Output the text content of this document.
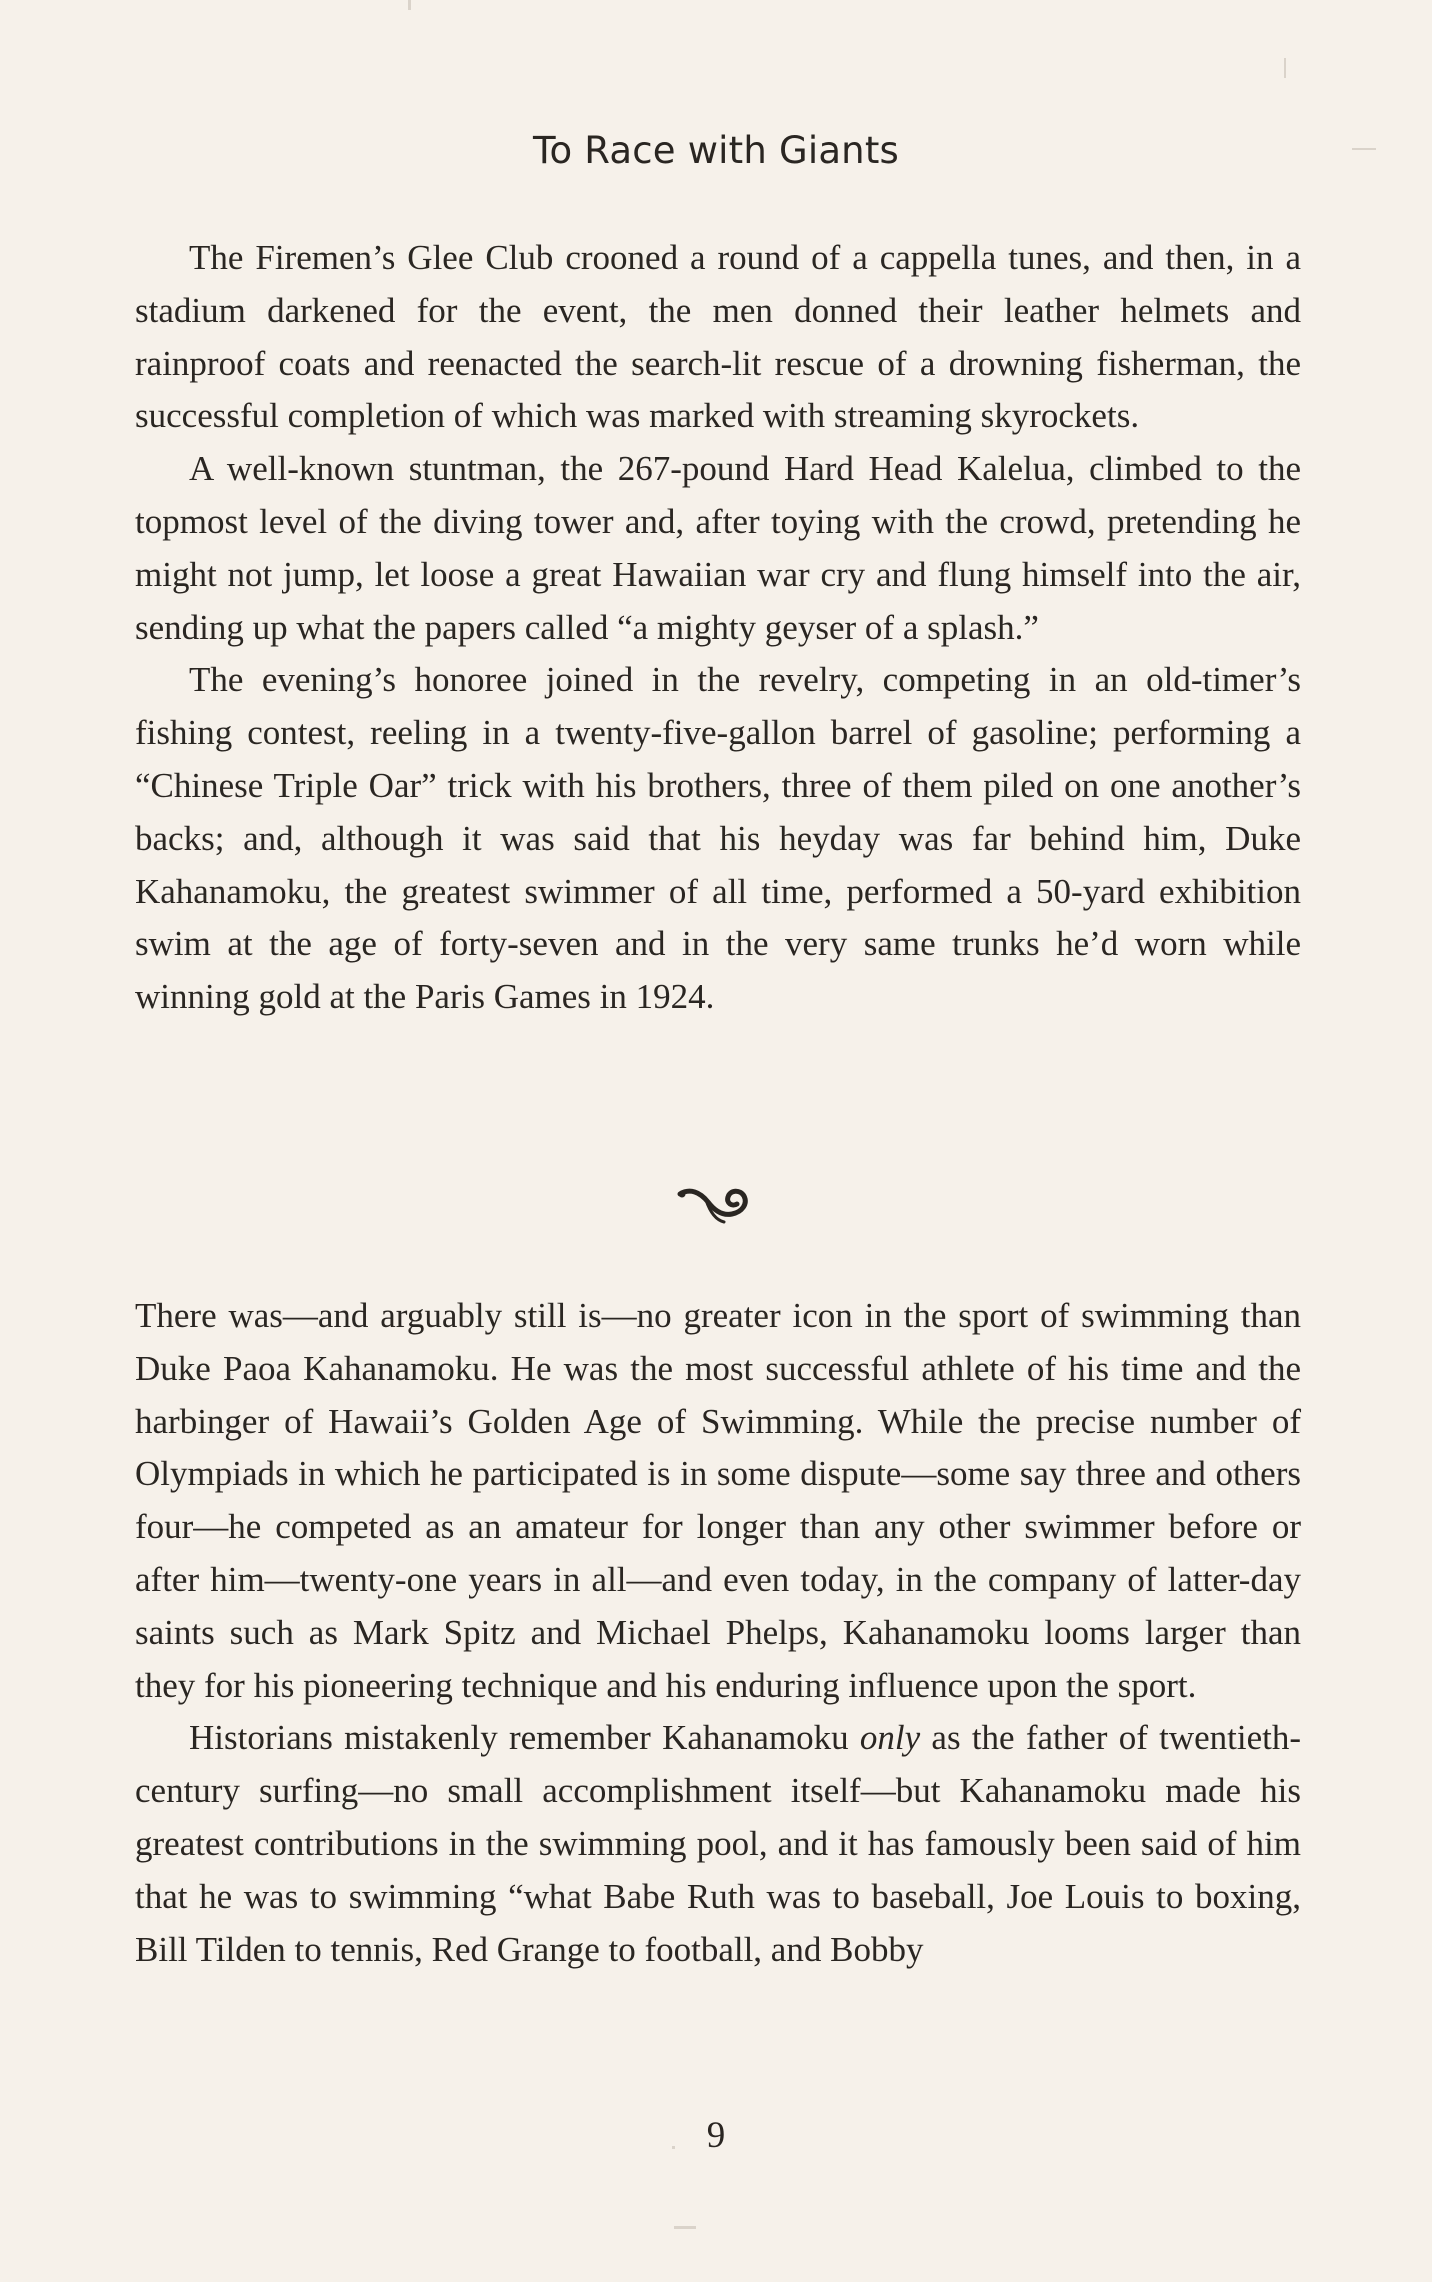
To Race with Giants

The Firemen’s Glee Club crooned a round of a cappella tunes, and then, in a stadium darkened for the event, the men donned their leather helmets and rainproof coats and reenacted the search-lit rescue of a drowning fisherman, the successful completion of which was marked with streaming skyrockets.

A well-known stuntman, the 267-pound Hard Head Kalelua, climbed to the topmost level of the diving tower and, after toying with the crowd, pretending he might not jump, let loose a great Hawaiian war cry and flung himself into the air, sending up what the papers called “a mighty geyser of a splash.”

The evening’s honoree joined in the revelry, competing in an old-timer’s fishing contest, reeling in a twenty-five-gallon barrel of gasoline; performing a “Chinese Triple Oar” trick with his brothers, three of them piled on one another’s backs; and, although it was said that his heyday was far behind him, Duke Kahanamoku, the greatest swimmer of all time, performed a 50-yard exhibition swim at the age of forty-seven and in the very same trunks he’d worn while winning gold at the Paris Games in 1924.

There was—and arguably still is—no greater icon in the sport of swimming than Duke Paoa Kahanamoku. He was the most successful athlete of his time and the harbinger of Hawaii’s Golden Age of Swimming. While the precise number of Olympiads in which he participated is in some dispute—some say three and others four—he competed as an amateur for longer than any other swimmer before or after him—twenty-one years in all—and even today, in the company of latter-day saints such as Mark Spitz and Michael Phelps, Kahanamoku looms larger than they for his pioneering technique and his enduring influence upon the sport.

Historians mistakenly remember Kahanamoku only as the father of twentieth-century surfing—no small accomplishment itself—but Kahanamoku made his greatest contributions in the swimming pool, and it has famously been said of him that he was to swimming “what Babe Ruth was to baseball, Joe Louis to boxing, Bill Tilden to tennis, Red Grange to football, and Bobby

9
